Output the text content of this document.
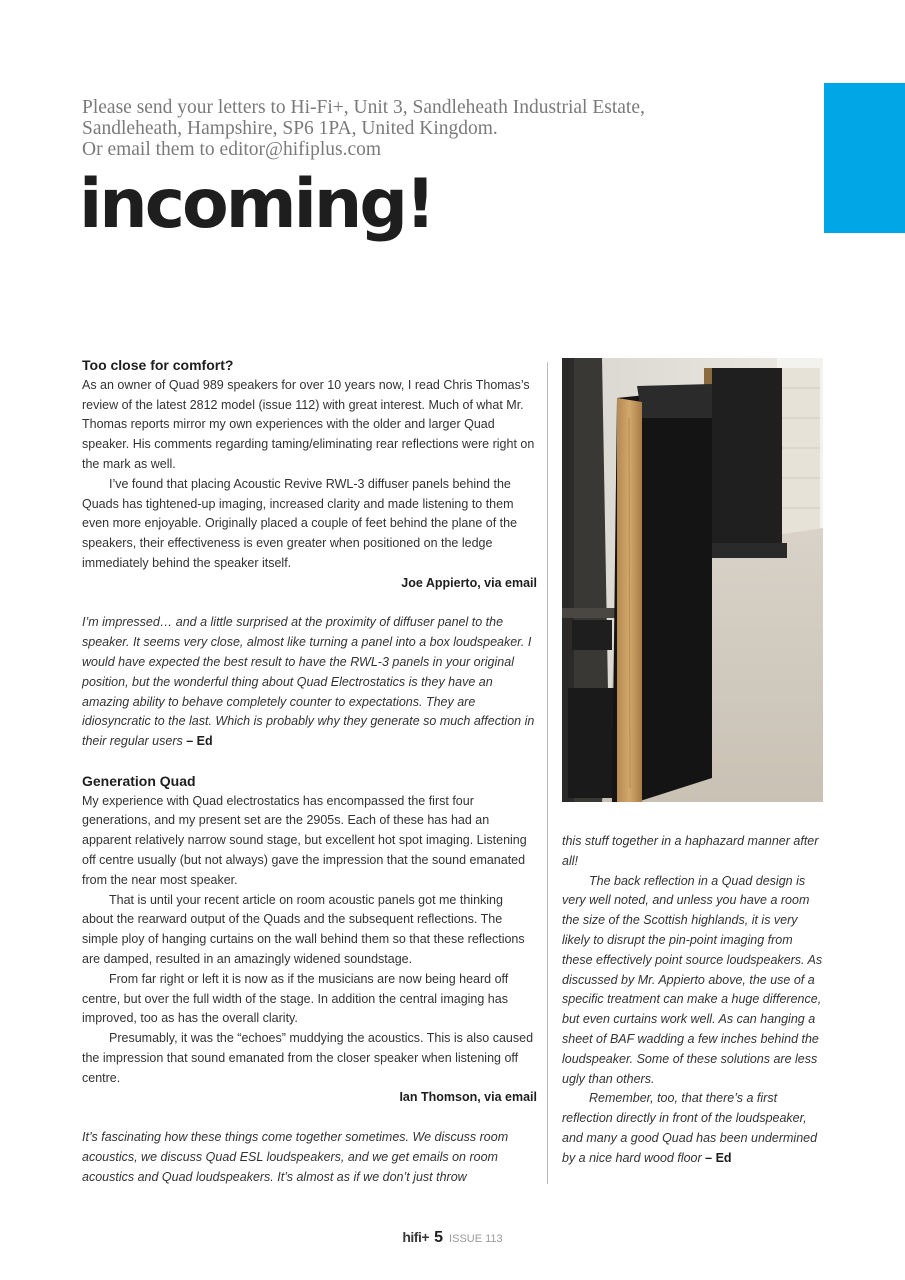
Please send your letters to Hi-Fi+, Unit 3, Sandleheath Industrial Estate,
Sandleheath, Hampshire, SP6 1PA, United Kingdom.
Or email them to editor@hifiplus.com
incoming!

Too close for comfort?

As an owner of Quad 989 speakers for over 10 years now, I read Chris Thomas’s review of the latest 2812 model (issue 112) with great interest. Much of what Mr. Thomas reports mirror my own experiences with the older and larger Quad speaker. His comments regarding taming/eliminating rear reflections were right on the mark as well.

I’ve found that placing Acoustic Revive RWL-3 diffuser panels behind the Quads has tightened-up imaging, increased clarity and made listening to them even more enjoyable. Originally placed a couple of feet behind the plane of the speakers, their effectiveness is even greater when positioned on the ledge immediately behind the speaker itself.

Joe Appierto, via email

I’m impressed… and a little surprised at the proximity of diffuser panel to the speaker. It seems very close, almost like turning a panel into a box loudspeaker. I would have expected the best result to have the RWL-3 panels in your original position, but the wonderful thing about Quad Electrostatics is they have an amazing ability to behave completely counter to expectations. They are idiosyncratic to the last. Which is probably why they generate so much affection in their regular users – Ed

Generation Quad

My experience with Quad electrostatics has encompassed the first four generations, and my present set are the 2905s. Each of these has had an apparent relatively narrow sound stage, but excellent hot spot imaging. Listening off centre usually (but not always) gave the impression that the sound emanated from the near most speaker.

That is until your recent article on room acoustic panels got me thinking about the rearward output of the Quads and the subsequent reflections. The simple ploy of hanging curtains on the wall behind them so that these reflections are damped, resulted in an amazingly widened soundstage.

From far right or left it is now as if the musicians are now being heard off centre, but over the full width of the stage. In addition the central imaging has improved, too as has the overall clarity.

Presumably, it was the “echoes” muddying the acoustics. This is also caused the impression that sound emanated from the closer speaker when listening off centre.

Ian Thomson, via email

It’s fascinating how these things come together sometimes. We discuss room acoustics, we discuss Quad ESL loudspeakers, and we get emails on room acoustics and Quad loudspeakers. It’s almost as if we don’t just throw

this stuff together in a haphazard manner after all!

The back reflection in a Quad design is very well noted, and unless you have a room the size of the Scottish highlands, it is very likely to disrupt the pin-point imaging from these effectively point source loudspeakers. As discussed by Mr. Appierto above, the use of a specific treatment can make a huge difference, but even curtains work well. As can hanging a sheet of BAF wadding a few inches behind the loudspeaker. Some of these solutions are less ugly than others.

Remember, too, that there’s a first reflection directly in front of the loudspeaker, and many a good Quad has been undermined by a nice hard wood floor – Ed

hifi+ 5 ISSUE 113
